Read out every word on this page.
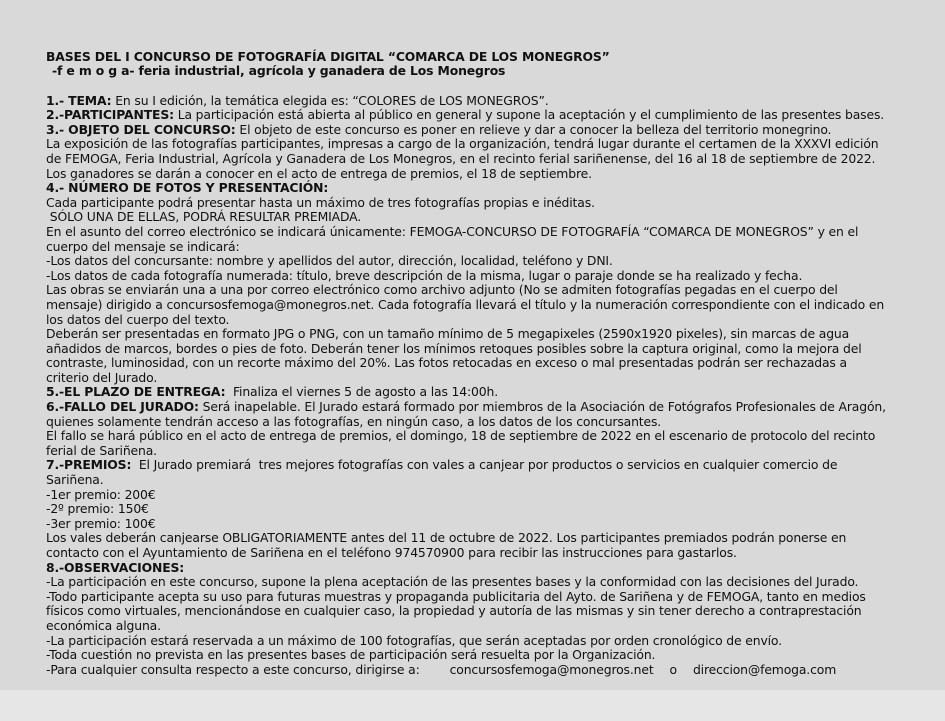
BASES DEL I CONCURSO DE FOTOGRAFÍA DIGITAL “COMARCA DE LOS MONEGROS”
-f e m o g a- feria industrial, agrícola y ganadera de Los Monegros
1.- TEMA: En su I edición, la temática elegida es: “COLORES de LOS MONEGROS”.
2.-PARTICIPANTES: La participación está abierta al público en general y supone la aceptación y el cumplimiento de las presentes bases.
3.- OBJETO DEL CONCURSO: El objeto de este concurso es poner en relieve y dar a conocer la belleza del territorio monegrino.
La exposición de las fotografías participantes, impresas a cargo de la organización, tendrá lugar durante el certamen de la XXXVI edición
de FEMOGA, Feria Industrial, Agrícola y Ganadera de Los Monegros, en el recinto ferial sariñenense, del 16 al 18 de septiembre de 2022.
Los ganadores se darán a conocer en el acto de entrega de premios, el 18 de septiembre.
4.- NÚMERO DE FOTOS Y PRESENTACIÓN:
Cada participante podrá presentar hasta un máximo de tres fotografías propias e inéditas.
SÓLO UNA DE ELLAS, PODRÁ RESULTAR PREMIADA.
En el asunto del correo electrónico se indicará únicamente: FEMOGA-CONCURSO DE FOTOGRAFÍA “COMARCA DE MONEGROS” y en el
cuerpo del mensaje se indicará:
-Los datos del concursante: nombre y apellidos del autor, dirección, localidad, teléfono y DNI.
-Los datos de cada fotografía numerada: título, breve descripción de la misma, lugar o paraje donde se ha realizado y fecha.
Las obras se enviarán una a una por correo electrónico como archivo adjunto (No se admiten fotografías pegadas en el cuerpo del
mensaje) dirigido a concursosfemoga@monegros.net. Cada fotografía llevará el título y la numeración correspondiente con el indicado en
los datos del cuerpo del texto.
Deberán ser presentadas en formato JPG o PNG, con un tamaño mínimo de 5 megapixeles (2590x1920 pixeles), sin marcas de agua
añadidos de marcos, bordes o pies de foto. Deberán tener los mínimos retoques posibles sobre la captura original, como la mejora del
contraste, luminosidad, con un recorte máximo del 20%. Las fotos retocadas en exceso o mal presentadas podrán ser rechazadas a
criterio del Jurado.
5.-EL PLAZO DE ENTREGA:  Finaliza el viernes 5 de agosto a las 14:00h.
6.-FALLO DEL JURADO: Será inapelable. El Jurado estará formado por miembros de la Asociación de Fotógrafos Profesionales de Aragón,
quienes solamente tendrán acceso a las fotografías, en ningún caso, a los datos de los concursantes.
El fallo se hará público en el acto de entrega de premios, el domingo, 18 de septiembre de 2022 en el escenario de protocolo del recinto
ferial de Sariñena.
7.-PREMIOS:  El Jurado premiará  tres mejores fotografías con vales a canjear por productos o servicios en cualquier comercio de
Sariñena.
-1er premio: 200€
-2º premio: 150€
-3er premio: 100€
Los vales deberán canjearse OBLIGATORIAMENTE antes del 11 de octubre de 2022. Los participantes premiados podrán ponerse en
contacto con el Ayuntamiento de Sariñena en el teléfono 974570900 para recibir las instrucciones para gastarlos.
8.-OBSERVACIONES:
-La participación en este concurso, supone la plena aceptación de las presentes bases y la conformidad con las decisiones del Jurado.
-Todo participante acepta su uso para futuras muestras y propaganda publicitaria del Ayto. de Sariñena y de FEMOGA, tanto en medios
físicos como virtuales, mencionándose en cualquier caso, la propiedad y autoría de las mismas y sin tener derecho a contraprestación
económica alguna.
-La participación estará reservada a un máximo de 100 fotografías, que serán aceptadas por orden cronológico de envío.
-Toda cuestión no prevista en las presentes bases de participación será resuelta por la Organización.
-Para cualquier consulta respecto a este concurso, dirigirse a: concursosfemoga@monegros.net o direccion@femoga.com
